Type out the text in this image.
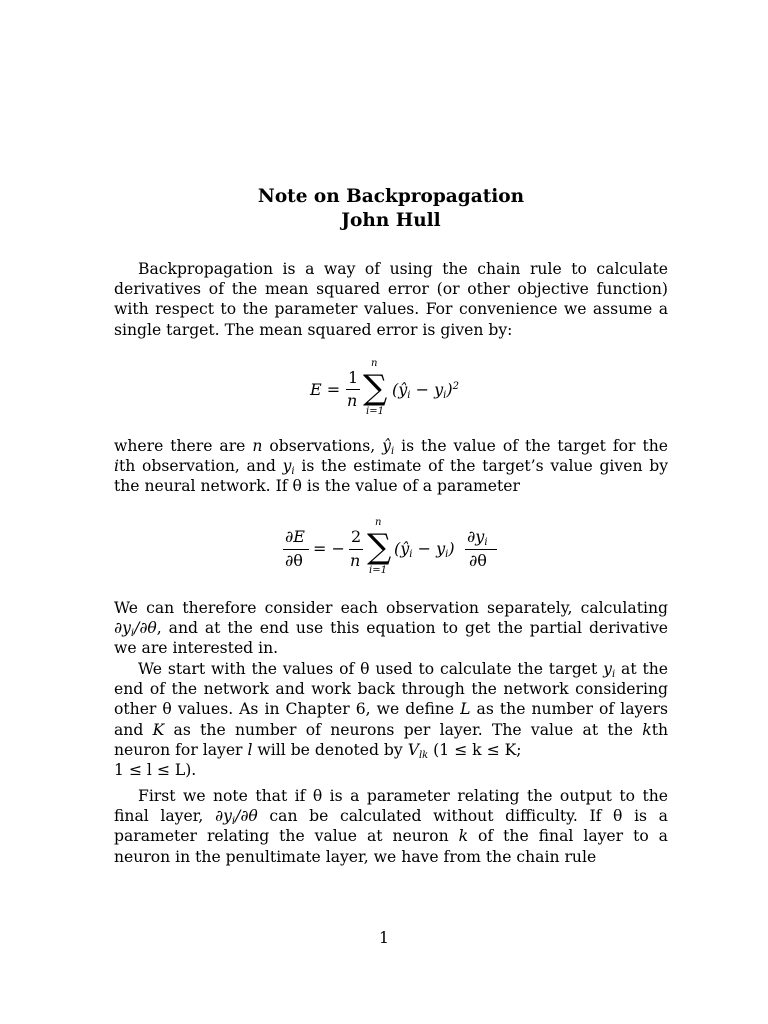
Note on Backpropagation
John Hull

Backpropagation is a way of using the chain rule to calculate derivatives of the mean squared error (or other objective function) with respect to the parameter values. For convenience we assume a single target. The mean squared error is given by:

where there are n observations, $ŷ_i$ is the value of the target for the ith observation, and $y_i$ is the estimate of the target’s value given by the neural network. If θ is the value of a parameter

We can therefore consider each observation separately, calculating $\partial y_i/\partial\theta$, and at the end use this equation to get the partial derivative we are interested in.

We start with the values of θ used to calculate the target $y_i$ at the end of the network and work back through the network considering other θ values. As in Chapter 6, we define L as the number of layers and K as the number of neurons per layer. The value at the kth neuron for layer l will be denoted by $V_{lk}$ (1 ≤ k ≤ K;
1 ≤ l ≤ L).

First we note that if θ is a parameter relating the output to the final layer, $\partial y_i/\partial\theta$ can be calculated without difficulty. If θ is a parameter relating the value at neuron k of the final layer to a neuron in the penultimate layer, we have from the chain rule

E =
1
n
n
∑
i=1
$(ŷ_i - y_i)^2$
∂E
∂θ
= −
2
n
n
∑
i=1
$(ŷ_i - y_i)$
$\partial y_i$
∂θ
1
